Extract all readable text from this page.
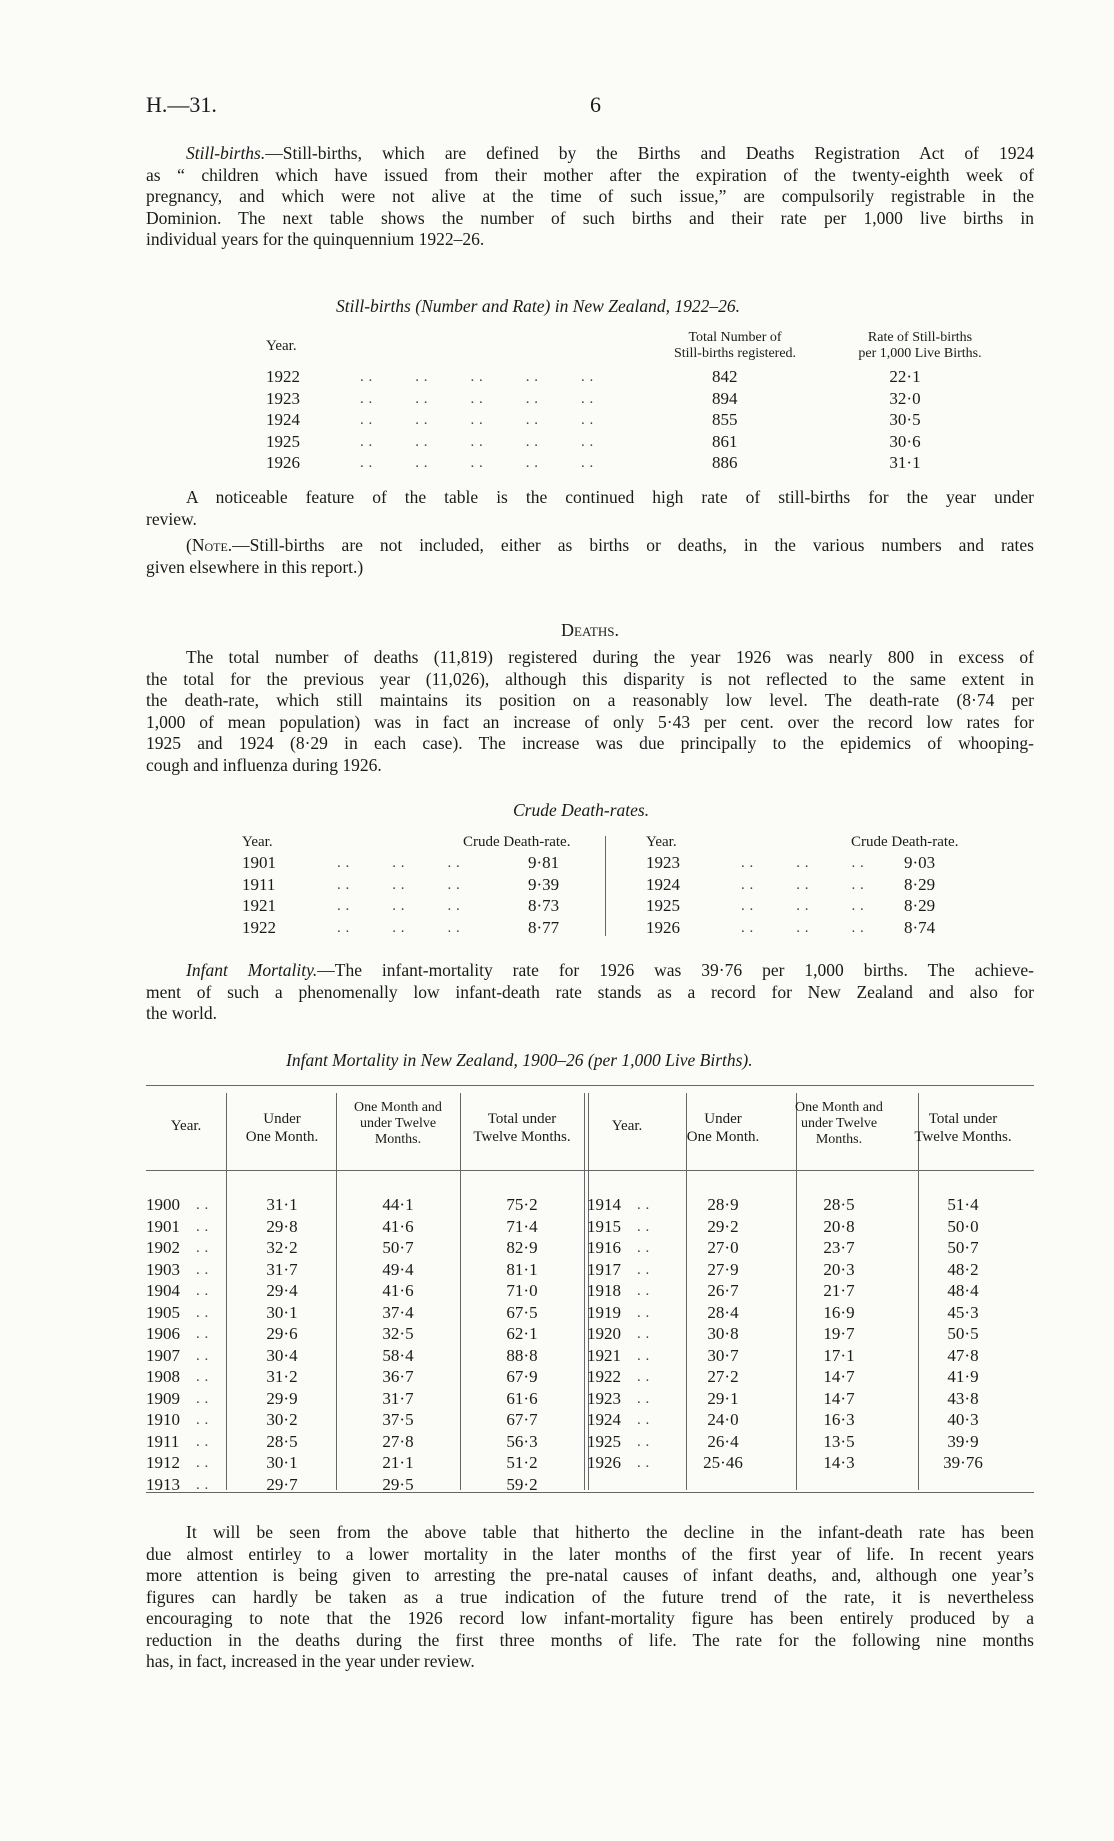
H.—31.	6
Still-births.—Still-births, which are defined by the Births and Deaths Registration Act of 1924
as “ children which have issued from their mother after the expiration of the twenty-eighth week of
pregnancy, and which were not alive at the time of such issue,” are compulsorily registrable in the
Dominion. The next table shows the number of such births and their rate per 1,000 live births in
individual years for the quinquennium 1922–26.
Still-births (Number and Rate) in New Zealand, 1922–26.
Year.
Total Number of
Still-births registered.
Rate of Still-births
per 1,000 Live Births.
1922	. .          . .          . .          . .          . .	842	22·1
1923	. .          . .          . .          . .          . .	894	32·0
1924	. .          . .          . .          . .          . .	855	30·5
1925	. .          . .          . .          . .          . .	861	30·6
1926	. .          . .          . .          . .          . .	886	31·1
A noticeable feature of the table is the continued high rate of still-births for the year under
review.
(Note.—Still-births are not included, either as births or deaths, in the various numbers and rates
given elsewhere in this report.)
Deaths.
The total number of deaths (11,819) registered during the year 1926 was nearly 800 in excess of
the total for the previous year (11,026), although this disparity is not reflected to the same extent in
the death-rate, which still maintains its position on a reasonably low level. The death-rate (8·74 per
1,000 of mean population) was in fact an increase of only 5·43 per cent. over the record low rates for
1925 and 1924 (8·29 in each case). The increase was due principally to the epidemics of whooping-
cough and influenza during 1926.
Crude Death-rates.
Year.	Crude Death-rate.	Year.	Crude Death-rate.
1901	. .          . .          . .	9·81
1911	. .          . .          . .	9·39
1921	. .          . .          . .	8·73
1922	. .          . .          . .	8·77
1923	. .          . .          . . 9·03
1924	. .          . .          . . 8·29
1925	. .          . .          . . 8·29
1926	. .          . .          . . 8·74
Infant Mortality.—The infant-mortality rate for 1926 was 39·76 per 1,000 births. The achieve-
ment of such a phenomenally low infant-death rate stands as a record for New Zealand and also for
the world.
Infant Mortality in New Zealand, 1900–26 (per 1,000 Live Births).
Year.	Under
One Month.
One Month and
under Twelve
Months.
Total under
Twelve Months.
Year.	Under
One Month.
One Month and
under Twelve
Months.
Total under
Twelve Months.
1900 . .	31·1	44·1	75·2
1901 . .	29·8	41·6	71·4
1902 . .	32·2	50·7	82·9
1903 . .	31·7	49·4	81·1
1904 . .	29·4	41·6	71·0
1905 . .	30·1	37·4	67·5
1906 . .	29·6	32·5	62·1
1907 . .	30·4	58·4	88·8
1908 . .	31·2	36·7	67·9
1909 . .	29·9	31·7	61·6
1910 . .	30·2	37·5	67·7
1911 . .	28·5	27·8	56·3
1912 . .	30·1	21·1	51·2
1913 . .	29·7	29·5	59·2
1914 . .	28·9	28·5	51·4
1915 . .	29·2	20·8	50·0
1916 . .	27·0	23·7	50·7
1917 . .	27·9	20·3	48·2
1918 . .	26·7	21·7	48·4
1919 . .	28·4	16·9	45·3
1920 . .	30·8	19·7	50·5
1921 . .	30·7	17·1	47·8
1922 . .	27·2	14·7	41·9
1923 . .	29·1	14·7	43·8
1924 . .	24·0	16·3	40·3
1925 . .	26·4	13·5	39·9
1926 . .	25·46	14·3	39·76
It will be seen from the above table that hitherto the decline in the infant-death rate has been
due almost entirley to a lower mortality in the later months of the first year of life. In recent years
more attention is being given to arresting the pre-natal causes of infant deaths, and, although one year’s
figures can hardly be taken as a true indication of the future trend of the rate, it is nevertheless
encouraging to note that the 1926 record low infant-mortality figure has been entirely produced by a
reduction in the deaths during the first three months of life. The rate for the following nine months
has, in fact, increased in the year under review.
